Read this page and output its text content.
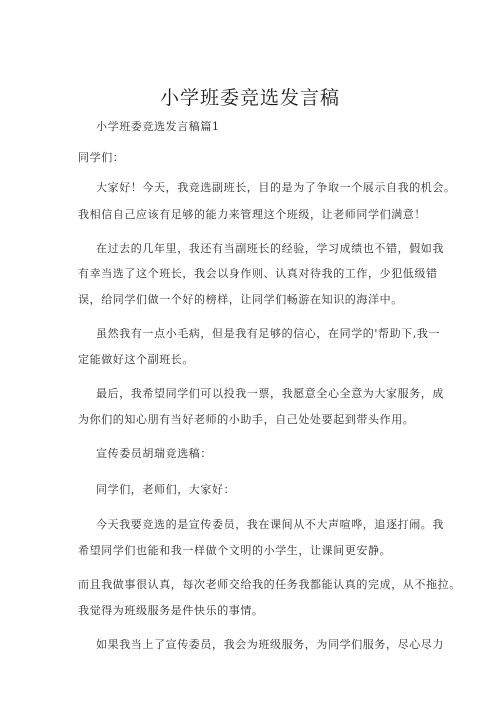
小学班委竞选发言稿
小学班委竞选发言稿篇1
同学们：
大家好！今天，我竞选副班长，目的是为了争取一个展示自我的机会。
我相信自己应该有足够的能力来管理这个班级，让老师同学们满意！
在过去的几年里，我还有当副班长的经验，学习成绩也不错，假如我
有幸当选了这个班长，我会以身作则、认真对待我的工作，少犯低级错
误，给同学们做一个好的榜样，让同学们畅游在知识的海洋中。
虽然我有一点小毛病，但是我有足够的信心，在同学的'帮助下,我一
定能做好这个副班长。
最后，我希望同学们可以投我一票，我愿意全心全意为大家服务，成
为你们的知心朋有当好老师的小助手，自己处处要起到带头作用。
宣传委员胡瑞竞选稿：
同学们，老师们，大家好：
今天我要竞选的是宣传委员，我在课间从不大声喧哗，追逐打闹。我
希望同学们也能和我一样做个文明的小学生，让课间更安静。
而且我做事很认真，每次老师交给我的任务我都能认真的完成，从不拖拉。
我觉得为班级服务是件快乐的事情。
如果我当上了宣传委员，我会为班级服务，为同学们服务，尽心尽力
